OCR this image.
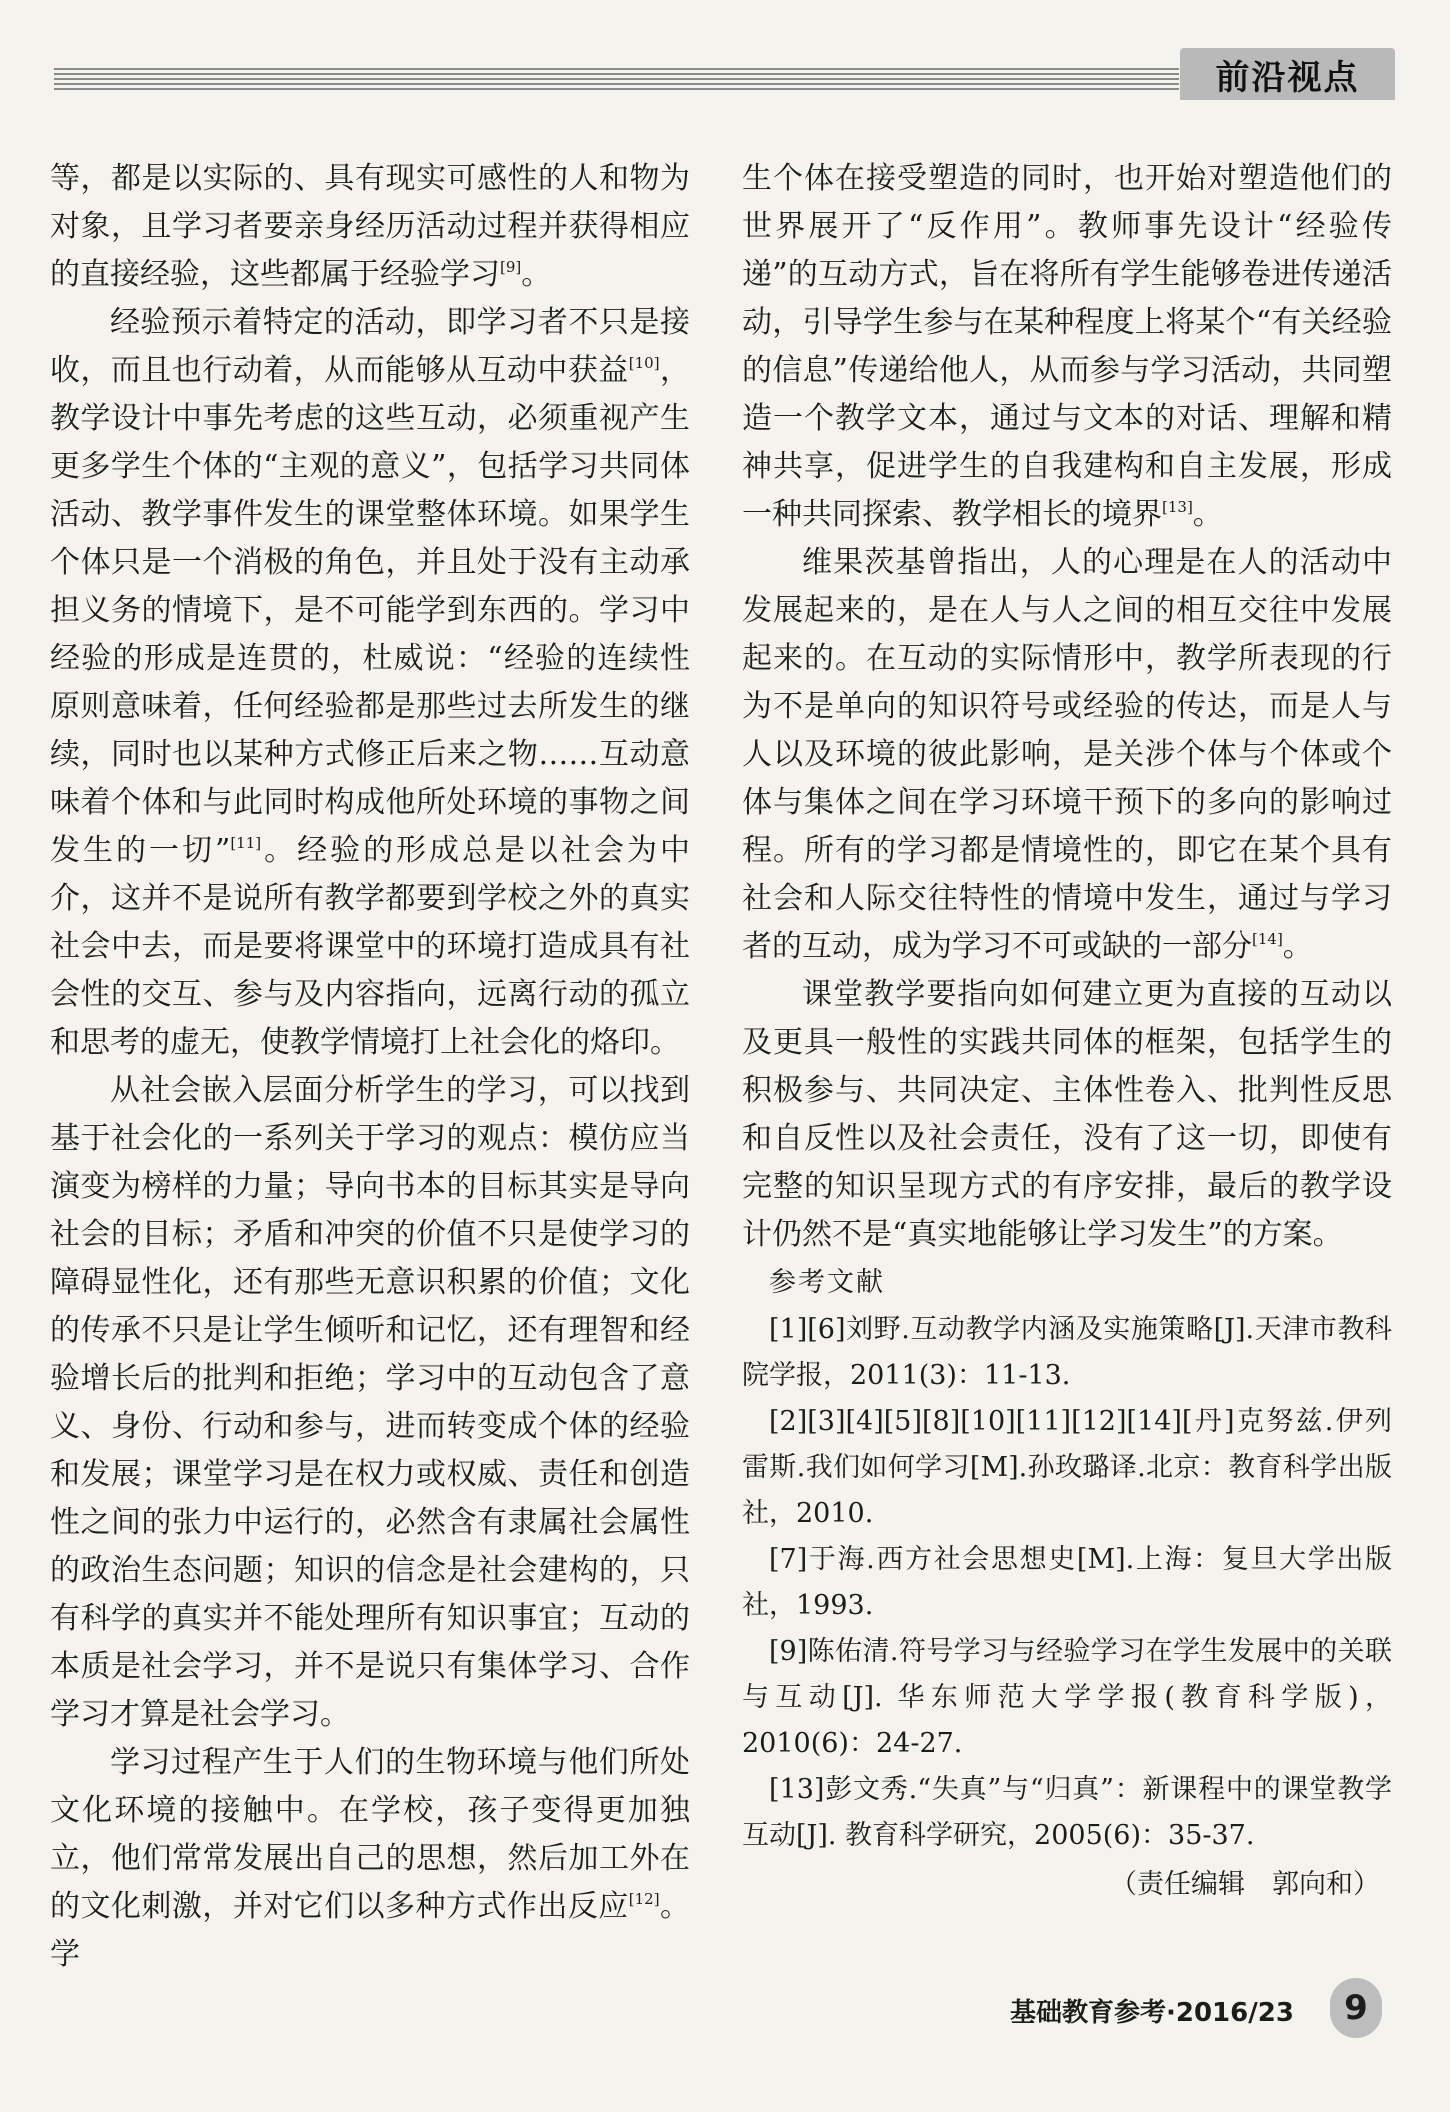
前沿视点

等，都是以实际的、具有现实可感性的人和物为对象，且学习者要亲身经历活动过程并获得相应的直接经验，这些都属于经验学习[9]。

经验预示着特定的活动，即学习者不只是接收，而且也行动着，从而能够从互动中获益[10]，教学设计中事先考虑的这些互动，必须重视产生更多学生个体的“主观的意义”，包括学习共同体活动、教学事件发生的课堂整体环境。如果学生个体只是一个消极的角色，并且处于没有主动承担义务的情境下，是不可能学到东西的。学习中经验的形成是连贯的，杜威说：“经验的连续性原则意味着，任何经验都是那些过去所发生的继续，同时也以某种方式修正后来之物……互动意味着个体和与此同时构成他所处环境的事物之间发生的一切”[11]。经验的形成总是以社会为中介，这并不是说所有教学都要到学校之外的真实社会中去，而是要将课堂中的环境打造成具有社会性的交互、参与及内容指向，远离行动的孤立和思考的虚无，使教学情境打上社会化的烙印。

从社会嵌入层面分析学生的学习，可以找到基于社会化的一系列关于学习的观点：模仿应当演变为榜样的力量；导向书本的目标其实是导向社会的目标；矛盾和冲突的价值不只是使学习的障碍显性化，还有那些无意识积累的价值；文化的传承不只是让学生倾听和记忆，还有理智和经验增长后的批判和拒绝；学习中的互动包含了意义、身份、行动和参与，进而转变成个体的经验和发展；课堂学习是在权力或权威、责任和创造性之间的张力中运行的，必然含有隶属社会属性的政治生态问题；知识的信念是社会建构的，只有科学的真实并不能处理所有知识事宜；互动的本质是社会学习，并不是说只有集体学习、合作学习才算是社会学习。

学习过程产生于人们的生物环境与他们所处文化环境的接触中。在学校，孩子变得更加独立，他们常常发展出自己的思想，然后加工外在的文化刺激，并对它们以多种方式作出反应[12]。学

生个体在接受塑造的同时，也开始对塑造他们的世界展开了“反作用”。教师事先设计“经验传递”的互动方式，旨在将所有学生能够卷进传递活动，引导学生参与在某种程度上将某个“有关经验的信息”传递给他人，从而参与学习活动，共同塑造一个教学文本，通过与文本的对话、理解和精神共享，促进学生的自我建构和自主发展，形成一种共同探索、教学相长的境界[13]。

维果茨基曾指出，人的心理是在人的活动中发展起来的，是在人与人之间的相互交往中发展起来的。在互动的实际情形中，教学所表现的行为不是单向的知识符号或经验的传达，而是人与人以及环境的彼此影响，是关涉个体与个体或个体与集体之间在学习环境干预下的多向的影响过程。所有的学习都是情境性的，即它在某个具有社会和人际交往特性的情境中发生，通过与学习者的互动，成为学习不可或缺的一部分[14]。

课堂教学要指向如何建立更为直接的互动以及更具一般性的实践共同体的框架，包括学生的积极参与、共同决定、主体性卷入、批判性反思和自反性以及社会责任，没有了这一切，即使有完整的知识呈现方式的有序安排，最后的教学设计仍然不是“真实地能够让学习发生”的方案。

参考文献

[1][6]刘野.互动教学内涵及实施策略[J].天津市教科院学报，2011(3)：11-13.

[2][3][4][5][8][10][11][12][14][丹]克努兹.伊列雷斯.我们如何学习[M].孙玫璐译.北京：教育科学出版社，2010.

[7]于海.西方社会思想史[M].上海：复旦大学出版社，1993.

[9]陈佑清.符号学习与经验学习在学生发展中的关联与互动[J]. 华东师范大学学报(教育科学版)，2010(6)：24-27.

[13]彭文秀.“失真”与“归真”：新课程中的课堂教学互动[J]. 教育科学研究，2005(6)：35-37.

（责任编辑　郭向和）
基础教育参考·2016/23	9
